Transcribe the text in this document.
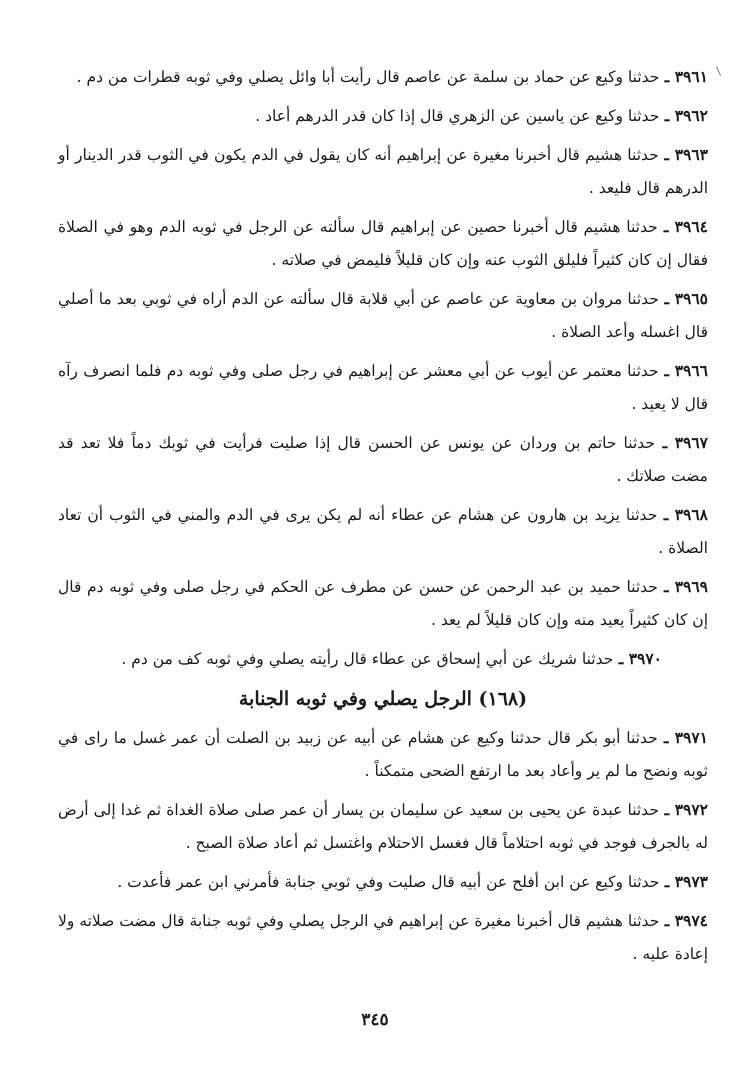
٣٩٦١ ـ حدثنا وكيع عن حماد بن سلمة عن عاصم قال رأيت أبا وائل يصلي وفي ثوبه قطرات من دم .

٣٩٦٢ ـ حدثنا وكيع عن ياسين عن الزهري قال إذا كان قدر الدرهم أعاد .

٣٩٦٣ ـ حدثنا هشيم قال أخبرنا مغيرة عن إبراهيم أنه كان يقول في الدم يكون في الثوب قدر الدينار أو الدرهم قال فليعد .

٣٩٦٤ ـ حدثنا هشيم قال أخبرنا حصين عن إبراهيم قال سألته عن الرجل في ثوبه الدم وهو في الصلاة فقال إن كان كثيراً فليلق الثوب عنه وإن كان قليلاً فليمض في صلاته .

٣٩٦٥ ـ حدثنا مروان بن معاوية عن عاصم عن أبي قلابة قال سألته عن الدم أراه في ثوبي بعد ما أصلي قال اغسله وأعد الصلاة .

٣٩٦٦ ـ حدثنا معتمر عن أيوب عن أبي معشر عن إبراهيم في رجل صلى وفي ثوبه دم فلما انصرف رآه قال لا يعيد .

٣٩٦٧ ـ حدثنا حاتم بن وردان عن يونس عن الحسن قال إذا صليت فرأيت في ثوبك دماً فلا تعد قد مضت صلاتك .

٣٩٦٨ ـ حدثنا يزيد بن هارون عن هشام عن عطاء أنه لم يكن يرى في الدم والمني في الثوب أن تعاد الصلاة .

٣٩٦٩ ـ حدثنا حميد بن عبد الرحمن عن حسن عن مطرف عن الحكم في رجل صلى وفي ثوبه دم قال إن كان كثيراً يعيد منه وإن كان قليلاً لم يعد .

٣٩٧٠ ـ حدثنا شريك عن أبي إسحاق عن عطاء قال رأيته يصلي وفي ثوبه كف من دم .

(١٦٨) الرجل يصلي وفي ثوبه الجنابة

٣٩٧١ ـ حدثنا أبو بكر قال حدثنا وكيع عن هشام عن أبيه عن زبيد بن الصلت أن عمر غسل ما راى في ثوبه ونضح ما لم ير وأعاد بعد ما ارتفع الضحى متمكناً .

٣٩٧٢ ـ حدثنا عبدة عن يحيى بن سعيد عن سليمان بن يسار أن عمر صلى صلاة الغداة ثم غدا إلى أرض له بالجرف فوجد في ثوبه احتلاماً قال فغسل الاحتلام واغتسل ثم أعاد صلاة الصبح .

٣٩٧٣ ـ حدثنا وكيع عن ابن أفلح عن أبيه قال صليت وفي ثوبي جنابة فأمرني ابن عمر فأعدت .

٣٩٧٤ ـ حدثنا هشيم قال أخبرنا مغيرة عن إبراهيم في الرجل يصلي وفي ثوبه جنابة قال مضت صلاته ولا إعادة عليه .

٣٤٥
